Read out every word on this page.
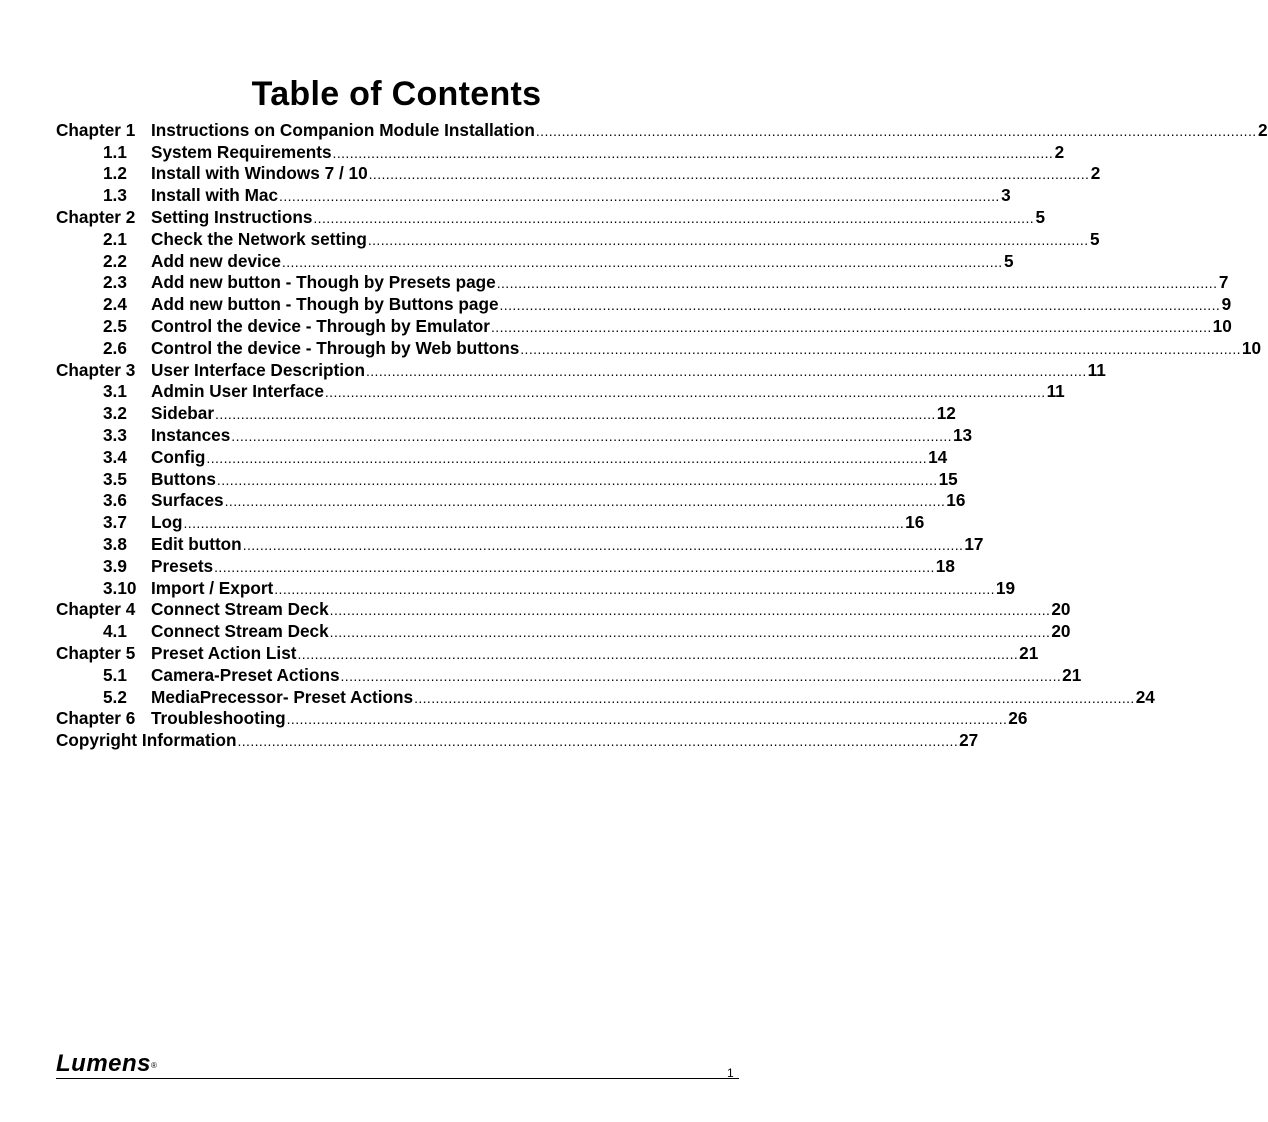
Table of Contents
Chapter 1 Instructions on Companion Module Installation ........................................................................................................................................................................ 2
1.1	System Requirements ........................................................................................................................................................................ 2
1.2	Install with Windows 7 / 10 ........................................................................................................................................................................ 2
1.3	Install with Mac ........................................................................................................................................................................ 3
Chapter 2 Setting Instructions ........................................................................................................................................................................ 5
2.1	Check the Network setting ........................................................................................................................................................................ 5
2.2	Add new device ........................................................................................................................................................................ 5
2.3	Add new button - Though by Presets page ........................................................................................................................................................................ 7
2.4	Add new button - Though by Buttons page ........................................................................................................................................................................ 9
2.5	Control the device - Through by Emulator ........................................................................................................................................................................ 10
2.6	Control the device - Through by Web buttons ........................................................................................................................................................................ 10
Chapter 3 User Interface Description ........................................................................................................................................................................ 11
3.1	Admin User Interface ........................................................................................................................................................................ 11
3.2	Sidebar ........................................................................................................................................................................ 12
3.3	Instances ........................................................................................................................................................................ 13
3.4	Config ........................................................................................................................................................................ 14
3.5	Buttons ........................................................................................................................................................................ 15
3.6	Surfaces ........................................................................................................................................................................ 16
3.7	Log ........................................................................................................................................................................ 16
3.8	Edit button ........................................................................................................................................................................ 17
3.9	Presets ........................................................................................................................................................................ 18
3.10 Import / Export ........................................................................................................................................................................ 19
Chapter 4 Connect Stream Deck ........................................................................................................................................................................ 20
4.1	Connect Stream Deck ........................................................................................................................................................................ 20
Chapter 5 Preset Action List ........................................................................................................................................................................ 21
5.1	Camera-Preset Actions ........................................................................................................................................................................ 21
5.2	MediaPrecessor- Preset Actions ........................................................................................................................................................................ 24
Chapter 6 Troubleshooting ........................................................................................................................................................................ 26
Copyright Information ........................................................................................................................................................................ 27
Lumens®
1
